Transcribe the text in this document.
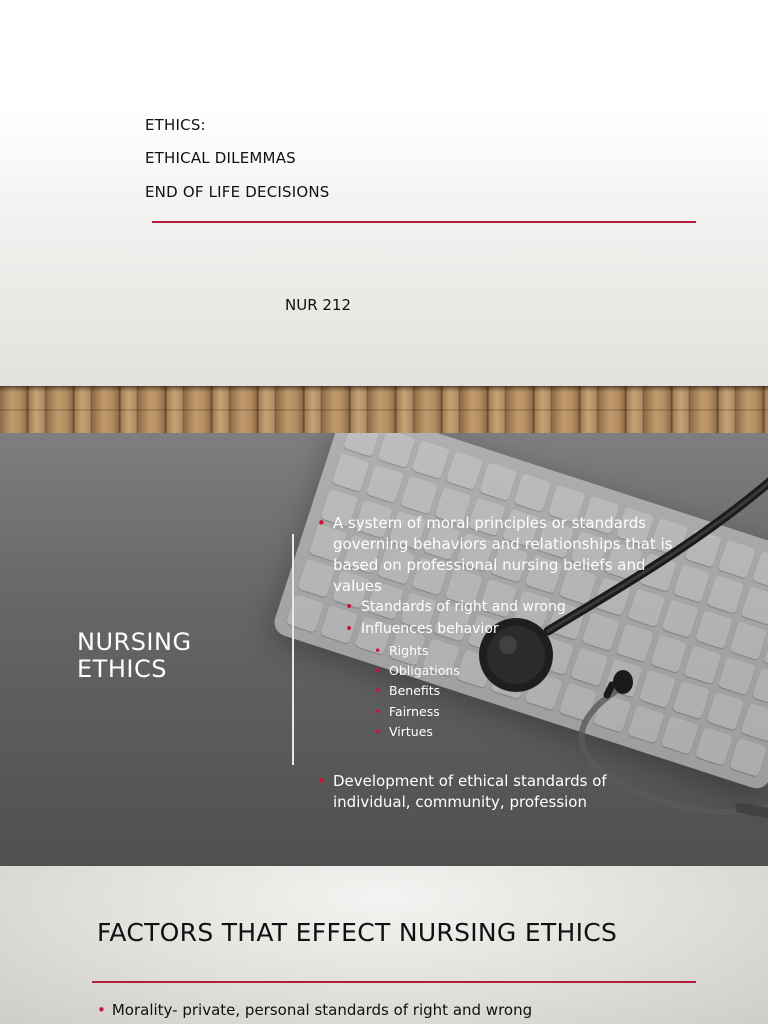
ETHICS:
ETHICAL DILEMMAS
END OF LIFE DECISIONS
NUR 212
NURSING
ETHICS
• A system of moral principles or standards
governing behaviors and relationships that is
based on professional nursing beliefs and
values
• Standards of right and wrong
• Influences behavior
• Rights
• Obligations
• Benefits
• Fairness
• Virtues
• Development of ethical standards of
individual, community, profession
FACTORS THAT EFFECT NURSING ETHICS
• Morality- private, personal standards of right and wrong
